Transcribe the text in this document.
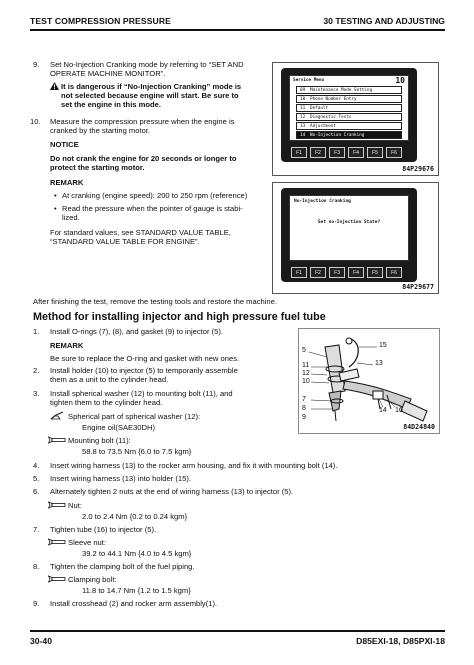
TEST COMPRESSION PRESSURE	30 TESTING AND ADJUSTING
9. Set No-Injection Cranking mode by referring to “SET AND
OPERATE MACHINE MONITOR”.
It is dangerous if “No-Injection Cranking” mode is
not selected because engine will start. Be sure to
set the engine in this mode.
10. Measure the compression pressure when the engine is
cranked by the starting motor.
NOTICE
Do not crank the engine for 20 seconds or longer to
protect the starting motor.
REMARK
• At cranking (engine speed): 200 to 250 rpm (reference)
• Read the pressure when the pointer of gauge is stabi-
lized.
For standard values, see STANDARD VALUE TABLE,
“STANDARD VALUE TABLE FOR ENGINE”.
Service Menu	10
09 Maintenance Mode Setting
10 Phone Number Entry
11 Default
12 Diagnostic Tests
13 Adjustment
14 No-Injection Cranking
F1	F2	F3	F4	F5	F6
84P29676
No-Injection Cranking
Set no-Injection State?
F1	F2	F3	F4	F5	F6
84P29677
After finishing the test, remove the testing tools and restore the machine.
Method for installing injector and high pressure fuel tube
1. Install O-rings (7), (8), and gasket (9) to injector (5).
REMARK
Be sure to replace the O-ring and gasket with new ones.
2. Install holder (10) to injector (5) to temporarily assemble
them as a unit to the cylinder head.
3. Install spherical washer (12) to mounting bolt (11), and
tighten them to the cylinder head.
Spherical part of spherical washer (12):
Engine oil(SAE30DH)
Mounting bolt (11):
58.8 to 73.5 Nm {6.0 to 7.5 kgm}
4. Insert wiring harness (13) to the rocker arm housing, and fix it with mounting bolt (14).
5. Insert wiring harness (13) into holder (15).
6. Alternately tighten 2 nuts at the end of wiring harness (13) to injector (5).
Nut:
2.0 to 2.4 Nm {0.2 to 0.24 kgm}
7. Tighten tube (16) to injector (5).
Sleeve nut:
39.2 to 44.1 Nm {4.0 to 4.5 kgm}
8. Tighten the clamping bolt of the fuel piping.
Clamping bolt:
11.8 to 14.7 Nm {1.2 to 1.5 kgm}
9. Install crosshead (2) and rocker arm assembly(1).
5
11
12
10
7
8
9
15
13
14 16
84D24840
30-40	D85EXI-18, D85PXI-18
